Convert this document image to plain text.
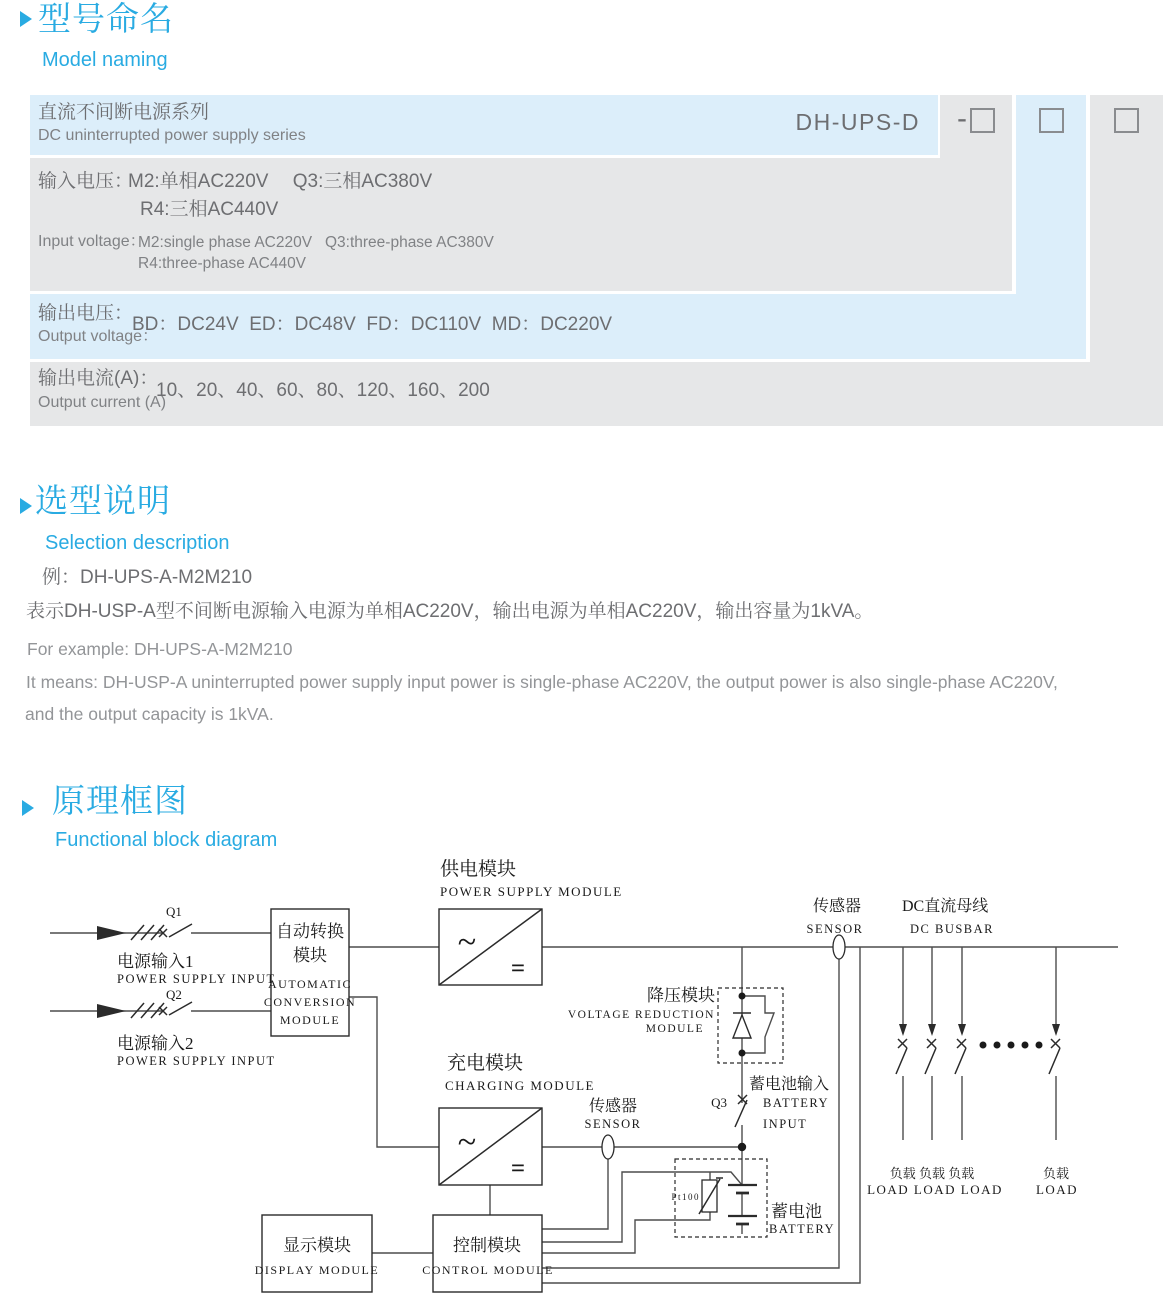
型号命名
Model naming
-
直流不间断电源系列
DC uninterrupted power supply series
DH-UPS-D
输入电压：
M2:单相AC220V　 Q3:三相AC380V
R4:三相AC440V
Input voltage：
M2:single phase AC220V   Q3:three-phase AC380V
R4:three-phase AC440V
输出电压：
Output voltage：
BD：DC24V  ED：DC48V  FD：DC110V  MD：DC220V
输出电流(A)：
Output current (A)
10、20、40、60、80、120、160、200
选型说明
Selection description
例：DH-UPS-A-M2M210
表示DH-USP-A型不间断电源输入电源为单相AC220V，输出电源为单相AC220V，输出容量为1kVA。
For example: DH-UPS-A-M2M210
It means: DH-USP-A uninterrupted power supply input power is single-phase AC220V, the output power is also single-phase AC220V,
and the output capacity is 1kVA.
原理框图
Functional block diagram
供电模块
POWER SUPPLY MODULE
充电模块
CHARGING MODULE
自动转换
模块
AUTOMATIC
CONVERSION
MODULE
Q1
Q2
电源输入1
POWER SUPPLY INPUT
电源输入2
POWER SUPPLY INPUT
降压模块
VOLTAGE REDUCTION
MODULE
传感器
SENSOR
Q3
蓄电池输入
BATTERY
INPUT
传感器
SENSOR
DC直流母线
DC BUSBAR
蓄电池
BATTERY
Pt100
显示模块
DISPLAY MODULE
控制模块
CONTROL MODULE
负载 负载 负载
LOAD LOAD LOAD
负载
LOAD
~
=
~
=
